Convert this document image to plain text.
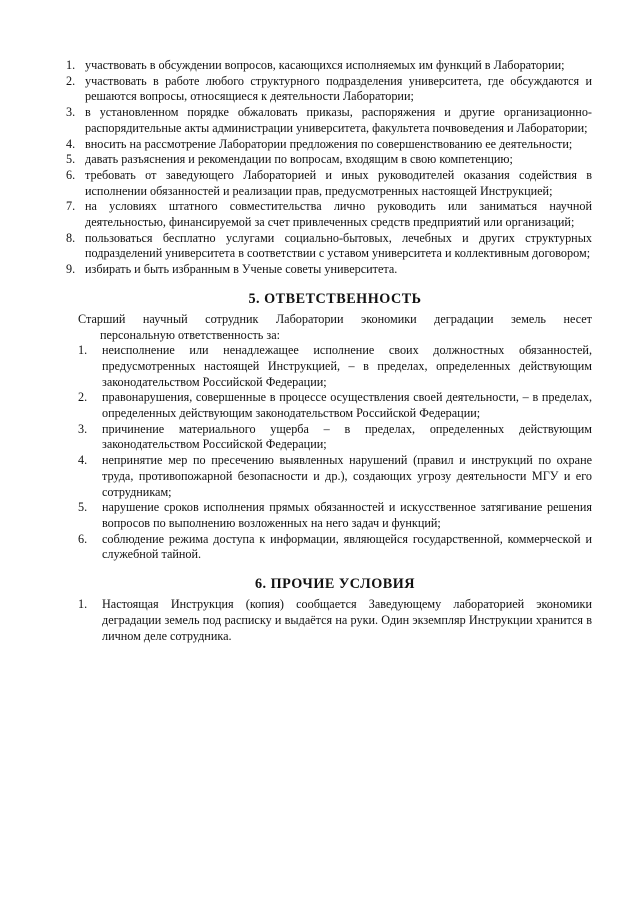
1. участвовать в обсуждении вопросов, касающихся исполняемых им функций в Лаборатории;
2. участвовать в работе любого структурного подразделения университета, где обсуждаются и решаются вопросы, относящиеся к деятельности Лаборатории;
3. в установленном порядке обжаловать приказы, распоряжения и другие организационно-распорядительные акты администрации университета, факультета почвоведения и Лаборатории;
4. вносить на рассмотрение Лаборатории предложения по совершенствованию ее деятельности;
5. давать разъяснения и рекомендации по вопросам, входящим в свою компетенцию;
6. требовать от заведующего Лабораторией и иных руководителей оказания содействия в исполнении обязанностей и реализации прав, предусмотренных настоящей Инструкцией;
7. на условиях штатного совместительства лично руководить или заниматься научной деятельностью, финансируемой за счет привлеченных средств предприятий или организаций;
8. пользоваться бесплатно услугами социально-бытовых, лечебных и других структурных подразделений университета в соответствии с уставом университета и коллективным договором;
9. избирать и быть избранным в Ученые советы университета.
5. ОТВЕТСТВЕННОСТЬ
Старший научный сотрудник Лаборатории экономики деградации земель несет
персональную ответственность за:
1.	неисполнение или ненадлежащее исполнение своих должностных обязанностей, предусмотренных настоящей Инструкцией, – в пределах, определенных действующим законодательством Российской Федерации;
2.	правонарушения, совершенные в процессе осуществления своей деятельности, – в пределах, определенных действующим законодательством Российской Федерации;
3.	причинение материального ущерба – в пределах, определенных действующим законодательством Российской Федерации;
4.	непринятие мер по пресечению выявленных нарушений (правил и инструкций по охране труда, противопожарной безопасности и др.), создающих угрозу деятельности МГУ и его сотрудникам;
5.	нарушение сроков исполнения прямых обязанностей и искусственное затягивание решения вопросов по выполнению возложенных на него задач и функций;
6.	соблюдение режима доступа к информации, являющейся государственной, коммерческой и служебной тайной.
6. ПРОЧИЕ УСЛОВИЯ
1.	Настоящая Инструкция (копия) сообщается Заведующему лабораторией экономики деградации земель под расписку и выдаётся на руки. Один экземпляр Инструкции хранится в личном деле сотрудника.
